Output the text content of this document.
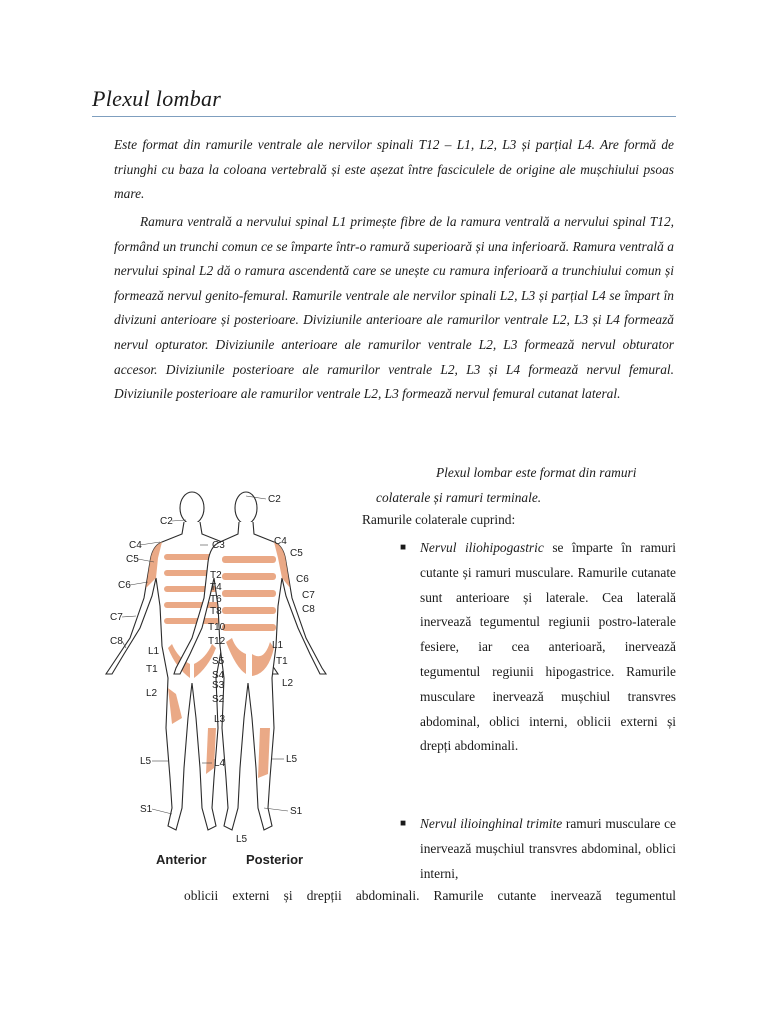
Plexul lombar
Este format din ramurile ventrale ale nervilor spinali T12 – L1, L2, L3 și parțial L4. Are formă de triunghi cu baza la coloana vertebrală și este așezat între fasciculele de origine ale mușchiului psoas mare.
Ramura ventrală a nervului spinal L1 primește fibre de la ramura ventrală a nervului spinal T12, formând un trunchi comun ce se împarte într-o ramură superioară și una inferioară. Ramura ventrală a nervului spinal L2 dă o ramura ascendentă care se unește cu ramura inferioară a trunchiului comun și formează nervul genito-femural. Ramurile ventrale ale nervilor spinali L2, L3 și parțial L4 se împart în divizuni anterioare și posterioare. Diviziunile anterioare ale ramurilor ventrale L2, L3 și L4 formează nervul opturator. Diviziunile anterioare ale ramurilor ventrale L2, L3 formează nervul obturator accesor. Diviziunile posterioare ale ramurilor ventrale L2, L3 și L4 formează nervul femural. Diviziunile posterioare ale ramurilor ventrale L2, L3 formează nervul femural cutanat lateral.
Plexul lombar este format din ramuri
colaterale și ramuri terminale.
Ramurile colaterale cuprind:
■ Nervul iliohipogastric se împarte în ramuri cutante și ramuri musculare. Ramurile cutanate sunt anterioare și laterale. Cea laterală inervează tegumentul regiunii postro-laterale fesiere, iar cea anterioară, inervează tegumentul regiunii hipogastrice. Ramurile musculare inervează mușchiul transvres abdominal, oblici interni, oblicii externi și drepți abdominali.
■ Nervul ilioinghinal trimite ramuri musculare ce inervează mușchiul transvres abdominal, oblici interni,
oblicii externi și drepții abdominali. Ramurile cutante inervează tegumentul
C2
C4
C5
C6
C7
C8
T1
L1
L2
L5
S1
C3
T2
T4
T6
T8
T10
T12
S5
S4
S3
S2
L3
L4
C2
C4
C5
C6
C7
C8
L1
T1
L2
L5
S1
L5
Anterior	Posterior
